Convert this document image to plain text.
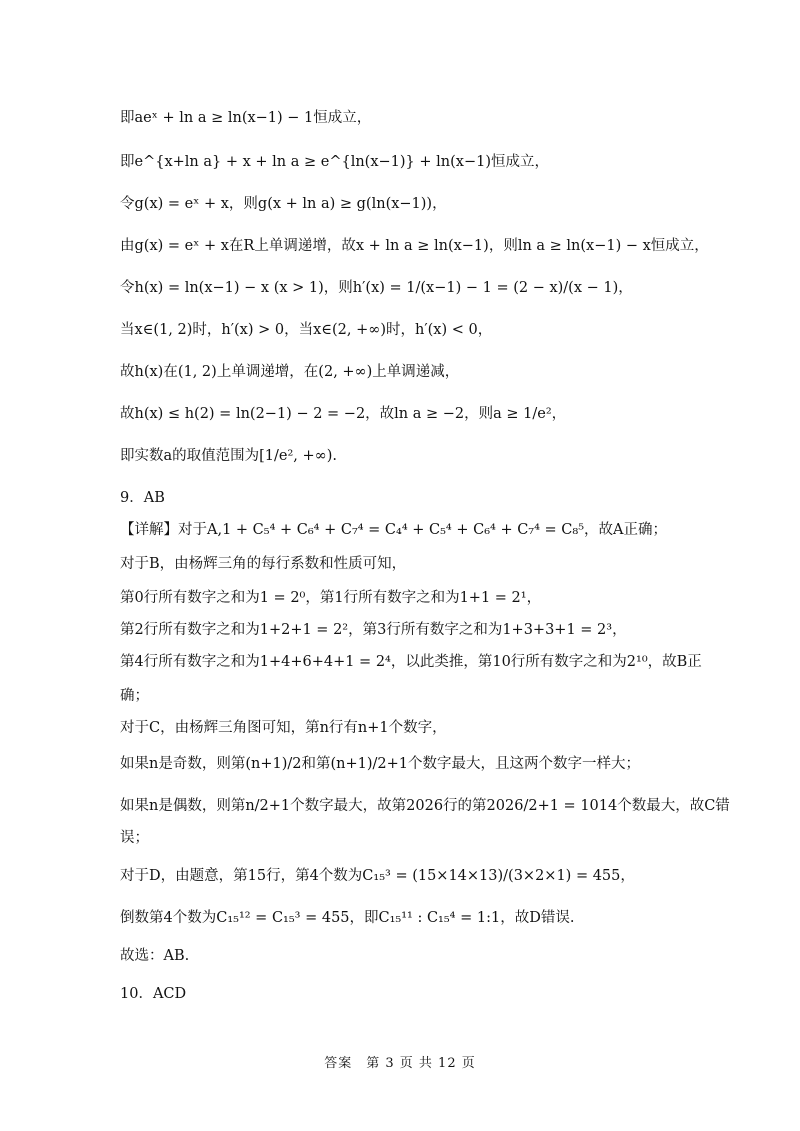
即aeˣ + ln a ≥ ln(x−1) − 1恒成立，
即e^{x+ln a} + x + ln a ≥ e^{ln(x−1)} + ln(x−1)恒成立，
令g(x) = eˣ + x，则g(x + ln a) ≥ g(ln(x−1))，
由g(x) = eˣ + x在R上单调递增，故x + ln a ≥ ln(x−1)，则ln a ≥ ln(x−1) − x恒成立，
令h(x) = ln(x−1) − x (x > 1)，则h′(x) = 1/(x−1) − 1 = (2 − x)/(x − 1)，
当x∈(1, 2)时，h′(x) > 0，当x∈(2, +∞)时，h′(x) < 0，
故h(x)在(1, 2)上单调递增，在(2, +∞)上单调递减，
故h(x) ≤ h(2) = ln(2−1) − 2 = −2，故ln a ≥ −2，则a ≥ 1/e²，
即实数a的取值范围为[1/e², +∞).
9．AB
【详解】对于A,1 + C₅⁴ + C₆⁴ + C₇⁴ = C₄⁴ + C₅⁴ + C₆⁴ + C₇⁴ = C₈⁵，故A正确；
对于B，由杨辉三角的每行系数和性质可知，
第0行所有数字之和为1 = 2⁰，第1行所有数字之和为1+1 = 2¹，
第2行所有数字之和为1+2+1 = 2²，第3行所有数字之和为1+3+3+1 = 2³，
第4行所有数字之和为1+4+6+4+1 = 2⁴，以此类推，第10行所有数字之和为2¹⁰，故B正
确；
对于C，由杨辉三角图可知，第n行有n+1个数字，
如果n是奇数，则第(n+1)/2和第(n+1)/2+1个数字最大，且这两个数字一样大；
如果n是偶数，则第n/2+1个数字最大，故第2026行的第2026/2+1 = 1014个数最大，故C错
误；
对于D，由题意，第15行，第4个数为C₁₅³ = (15×14×13)/(3×2×1) = 455，
倒数第4个数为C₁₅¹² = C₁₅³ = 455，即C₁₅¹¹ : C₁₅⁴ = 1:1，故D错误.
故选：AB.
10．ACD
答案　第 3 页 共 12 页
